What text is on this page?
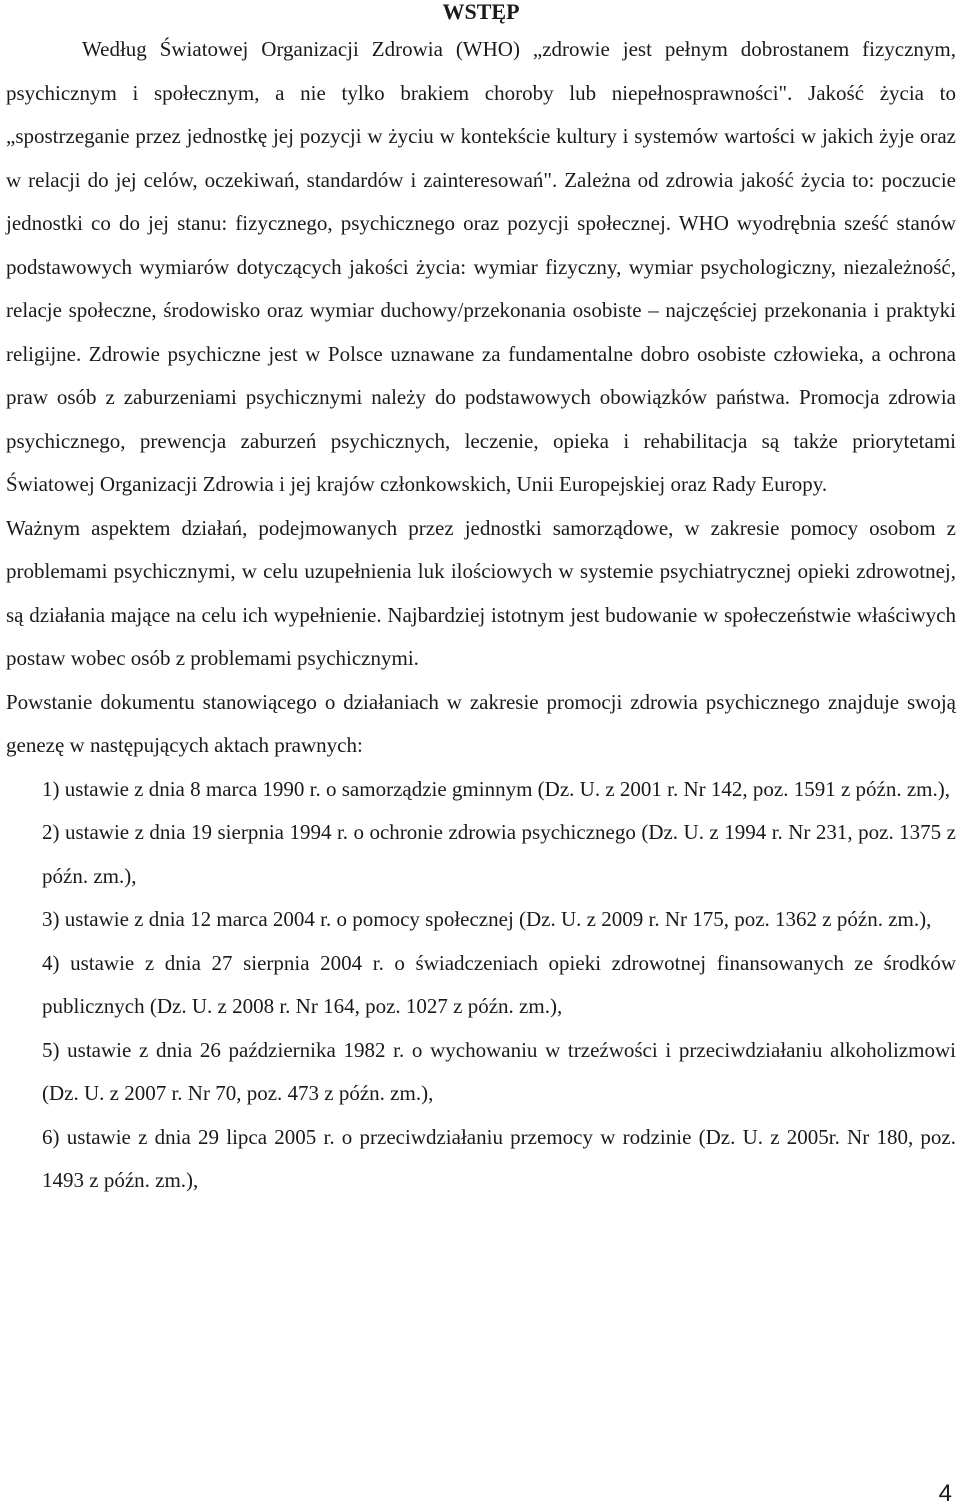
WSTĘP

Według Światowej Organizacji Zdrowia (WHO) „zdrowie jest pełnym dobrostanem fizycznym, psychicznym i społecznym, a nie tylko brakiem choroby lub niepełnosprawności". Jakość życia to „spostrzeganie przez jednostkę jej pozycji w życiu w kontekście kultury i systemów wartości w jakich żyje oraz w relacji do jej celów, oczekiwań, standardów i zainteresowań". Zależna od zdrowia jakość życia to: poczucie jednostki co do jej stanu: fizycznego, psychicznego oraz pozycji społecznej. WHO wyodrębnia sześć stanów podstawowych wymiarów dotyczących jakości życia: wymiar fizyczny, wymiar psychologiczny, niezależność, relacje społeczne, środowisko oraz wymiar duchowy/przekonania osobiste – najczęściej przekonania i praktyki religijne. Zdrowie psychiczne jest w Polsce uznawane za fundamentalne dobro osobiste człowieka, a ochrona praw osób z zaburzeniami psychicznymi należy do podstawowych obowiązków państwa. Promocja zdrowia psychicznego, prewencja zaburzeń psychicznych, leczenie, opieka i rehabilitacja są także priorytetami Światowej Organizacji Zdrowia i jej krajów członkowskich, Unii Europejskiej oraz Rady Europy.

Ważnym aspektem działań, podejmowanych przez jednostki samorządowe, w zakresie pomocy osobom z problemami psychicznymi, w celu uzupełnienia luk ilościowych w systemie psychiatrycznej opieki zdrowotnej, są działania mające na celu ich wypełnienie. Najbardziej istotnym jest budowanie w społeczeństwie właściwych postaw wobec osób z problemami psychicznymi.

Powstanie dokumentu stanowiącego o działaniach w zakresie promocji zdrowia psychicznego znajduje swoją genezę w następujących aktach prawnych:

1) ustawie z dnia 8 marca 1990 r. o samorządzie gminnym (Dz. U. z 2001 r. Nr 142, poz. 1591 z późn. zm.),
2) ustawie z dnia 19 sierpnia 1994 r. o ochronie zdrowia psychicznego (Dz. U. z 1994 r. Nr 231, poz. 1375 z późn. zm.),
3) ustawie z dnia 12 marca 2004 r. o pomocy społecznej (Dz. U. z 2009 r. Nr 175, poz. 1362 z późn. zm.),
4) ustawie z dnia 27 sierpnia 2004 r. o świadczeniach opieki zdrowotnej finansowanych ze środków publicznych (Dz. U. z 2008 r. Nr 164, poz. 1027 z późn. zm.),
5) ustawie z dnia 26 października 1982 r. o wychowaniu w trzeźwości i przeciwdziałaniu alkoholizmowi (Dz. U. z 2007 r. Nr 70, poz. 473 z późn. zm.),
6) ustawie z dnia 29 lipca 2005 r. o przeciwdziałaniu przemocy w rodzinie (Dz. U. z 2005r. Nr 180, poz. 1493 z późn. zm.),
4
